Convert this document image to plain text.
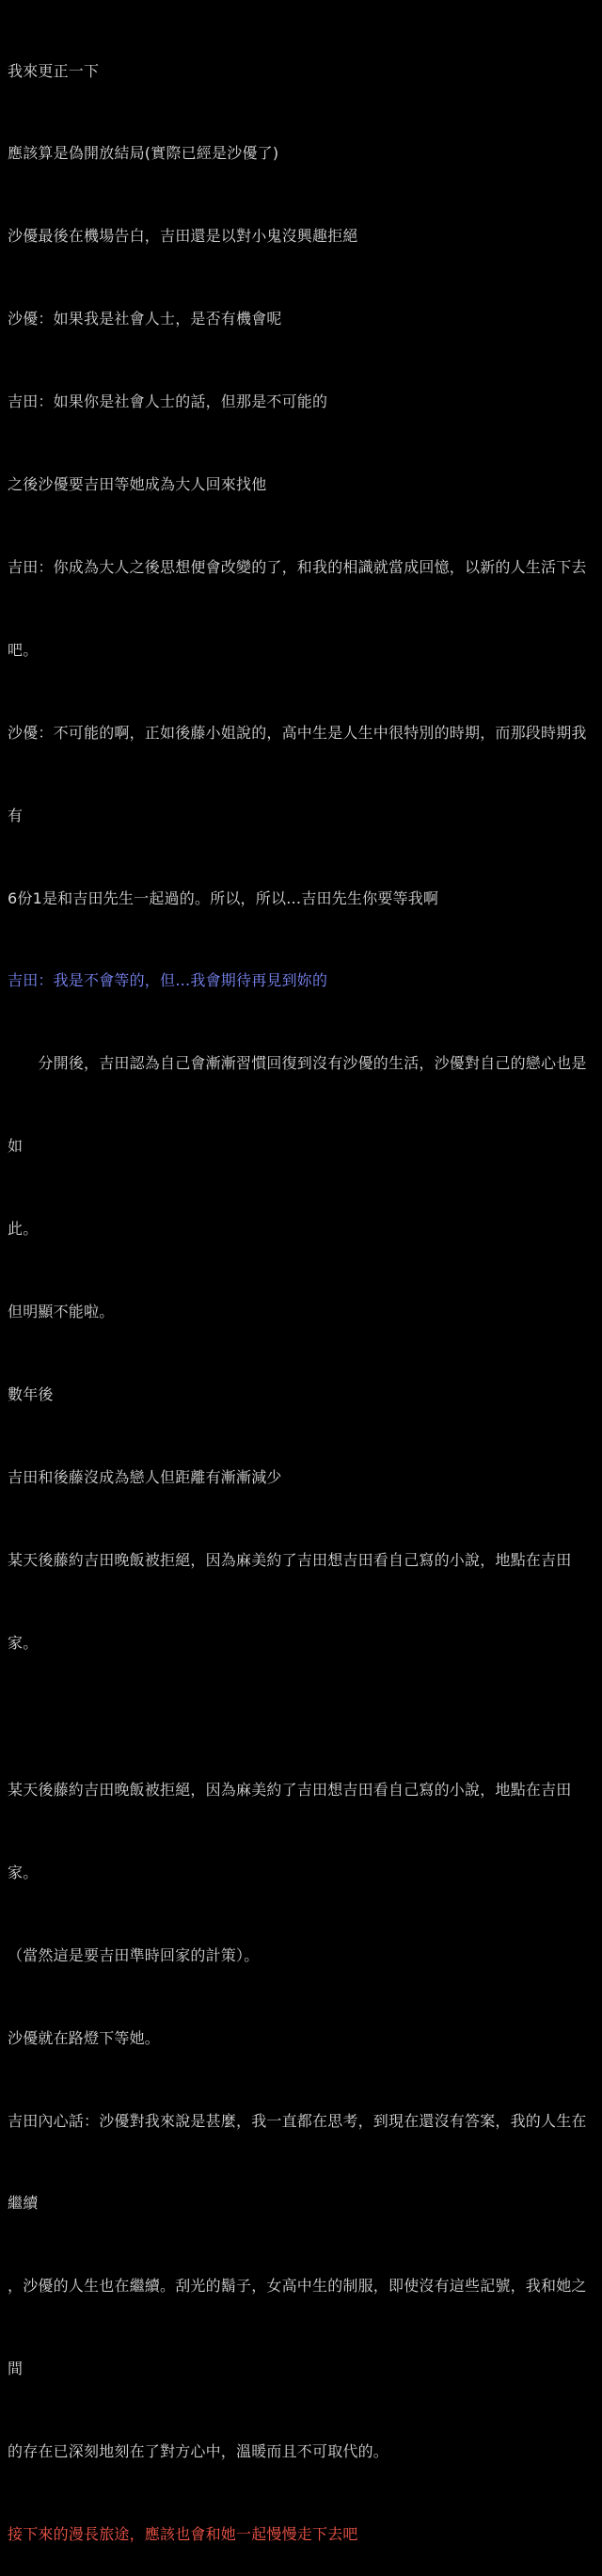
我來更正一下

應該算是偽開放結局(實際已經是沙優了)

沙優最後在機場告白，吉田還是以對小鬼沒興趣拒絕

沙優：如果我是社會人士，是否有機會呢

吉田：如果你是社會人士的話，但那是不可能的

之後沙優要吉田等她成為大人回來找他

吉田：你成為大人之後思想便會改變的了，和我的相識就當成回憶，以新的人生活下去

吧。

沙優：不可能的啊，正如後藤小姐說的，高中生是人生中很特別的時期，而那段時期我

有

6份1是和吉田先生一起過的。所以，所以…吉田先生你要等我啊

吉田：我是不會等的，但…我會期待再見到妳的

　　分開後，吉田認為自己會漸漸習慣回復到沒有沙優的生活，沙優對自己的戀心也是

如

此。

但明顯不能啦。

數年後

吉田和後藤沒成為戀人但距離有漸漸減少

某天後藤約吉田晚飯被拒絕，因為麻美約了吉田想吉田看自己寫的小說，地點在吉田

家。

某天後藤約吉田晚飯被拒絕，因為麻美約了吉田想吉田看自己寫的小說，地點在吉田

家。

（當然這是要吉田準時回家的計策）。

沙優就在路燈下等她。

吉田內心話：沙優對我來說是甚麼，我一直都在思考，到現在還沒有答案，我的人生在

繼續

，沙優的人生也在繼續。刮光的鬍子，女高中生的制服，即使沒有這些記號，我和她之

間

的存在已深刻地刻在了對方心中，溫暖而且不可取代的。

接下來的漫長旅途，應該也會和她一起慢慢走下去吧
